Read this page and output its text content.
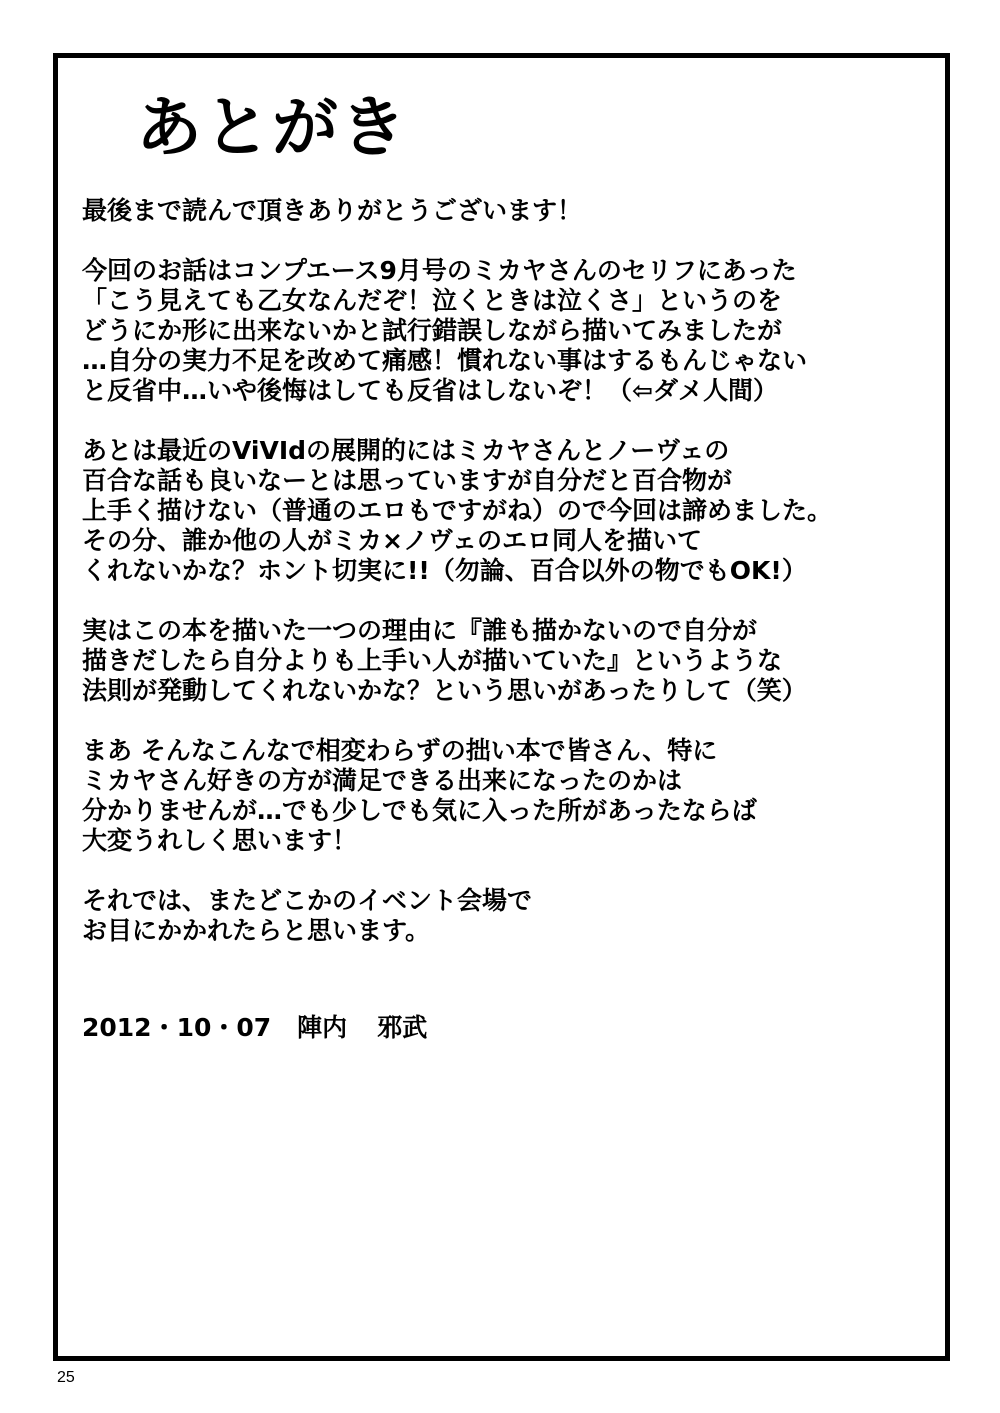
あとがき

最後まで読んで頂きありがとうございます！

今回のお話はコンプエース9月号のミカヤさんのセリフにあった
「こう見えても乙女なんだぞ！泣くときは泣くさ」というのを
どうにか形に出来ないかと試行錯誤しながら描いてみましたが
…自分の実力不足を改めて痛感！慣れない事はするもんじゃない
と反省中…いや後悔はしても反省はしないぞ！（⇦ダメ人間）

あとは最近のViVIdの展開的にはミカヤさんとノーヴェの
百合な話も良いなーとは思っていますが自分だと百合物が
上手く描けない（普通のエロもですがね）ので今回は諦めました。
その分、誰か他の人がミカ×ノヴェのエロ同人を描いて
くれないかな？ホント切実に!!（勿論、百合以外の物でもOK!）

実はこの本を描いた一つの理由に『誰も描かないので自分が
描きだしたら自分よりも上手い人が描いていた』というような
法則が発動してくれないかな？という思いがあったりして（笑）

まあ そんなこんなで相変わらずの拙い本で皆さん、特に
ミカヤさん好きの方が満足できる出来になったのかは
分かりませんが…でも少しでも気に入った所があったならば
大変うれしく思います！

それでは、またどこかのイベント会場で
お目にかかれたらと思います。

2012・10・07 陣内 邪武
25
